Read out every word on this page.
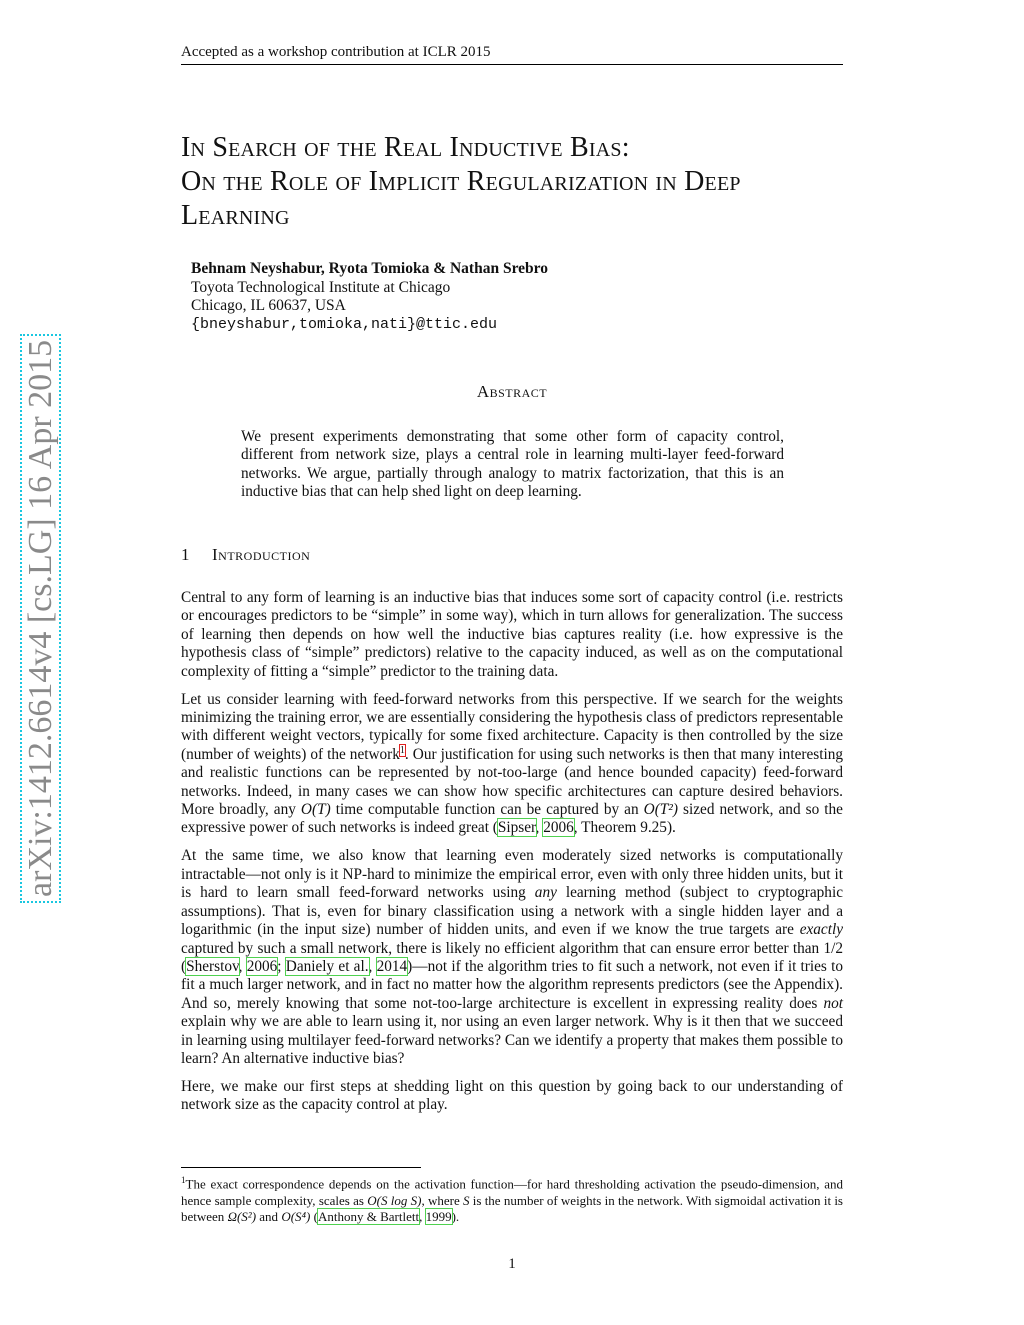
Accepted as a workshop contribution at ICLR 2015
arXiv:1412.6614v4 [cs.LG] 16 Apr 2015
In Search of the Real Inductive Bias:
On the Role of Implicit Regularization in Deep
Learning
Behnam Neyshabur, Ryota Tomioka & Nathan Srebro
Toyota Technological Institute at Chicago
Chicago, IL 60637, USA
{bneyshabur,tomioka,nati}@ttic.edu
Abstract
We present experiments demonstrating that some other form of capacity control, different from network size, plays a central role in learning multi-layer feed-forward networks. We argue, partially through analogy to matrix factorization, that this is an inductive bias that can help shed light on deep learning.
1 Introduction

Central to any form of learning is an inductive bias that induces some sort of capacity control (i.e. restricts or encourages predictors to be “simple” in some way), which in turn allows for generalization. The success of learning then depends on how well the inductive bias captures reality (i.e. how expressive is the hypothesis class of “simple” predictors) relative to the capacity induced, as well as on the computational complexity of fitting a “simple” predictor to the training data.

Let us consider learning with feed-forward networks from this perspective. If we search for the weights minimizing the training error, we are essentially considering the hypothesis class of predictors representable with different weight vectors, typically for some fixed architecture. Capacity is then controlled by the size (number of weights) of the network$^1$. Our justification for using such networks is then that many interesting and realistic functions can be represented by not-too-large (and hence bounded capacity) feed-forward networks. Indeed, in many cases we can show how specific architectures can capture desired behaviors. More broadly, any O(T) time computable function can be captured by an O(T²) sized network, and so the expressive power of such networks is indeed great (Sipser, 2006, Theorem 9.25).

At the same time, we also know that learning even moderately sized networks is computationally intractable—not only is it NP-hard to minimize the empirical error, even with only three hidden units, but it is hard to learn small feed-forward networks using any learning method (subject to cryptographic assumptions). That is, even for binary classification using a network with a single hidden layer and a logarithmic (in the input size) number of hidden units, and even if we know the true targets are exactly captured by such a small network, there is likely no efficient algorithm that can ensure error better than 1/2 (Sherstov, 2006; Daniely et al., 2014)—not if the algorithm tries to fit such a network, not even if it tries to fit a much larger network, and in fact no matter how the algorithm represents predictors (see the Appendix). And so, merely knowing that some not-too-large architecture is excellent in expressing reality does not explain why we are able to learn using it, nor using an even larger network. Why is it then that we succeed in learning using multilayer feed-forward networks? Can we identify a property that makes them possible to learn? An alternative inductive bias?

Here, we make our first steps at shedding light on this question by going back to our understanding of network size as the capacity control at play.

$^1$The exact correspondence depends on the activation function—for hard thresholding activation the pseudo-dimension, and hence sample complexity, scales as O(S log S), where S is the number of weights in the network. With sigmoidal activation it is between Ω(S²) and O(S⁴) (Anthony & Bartlett, 1999).
1
